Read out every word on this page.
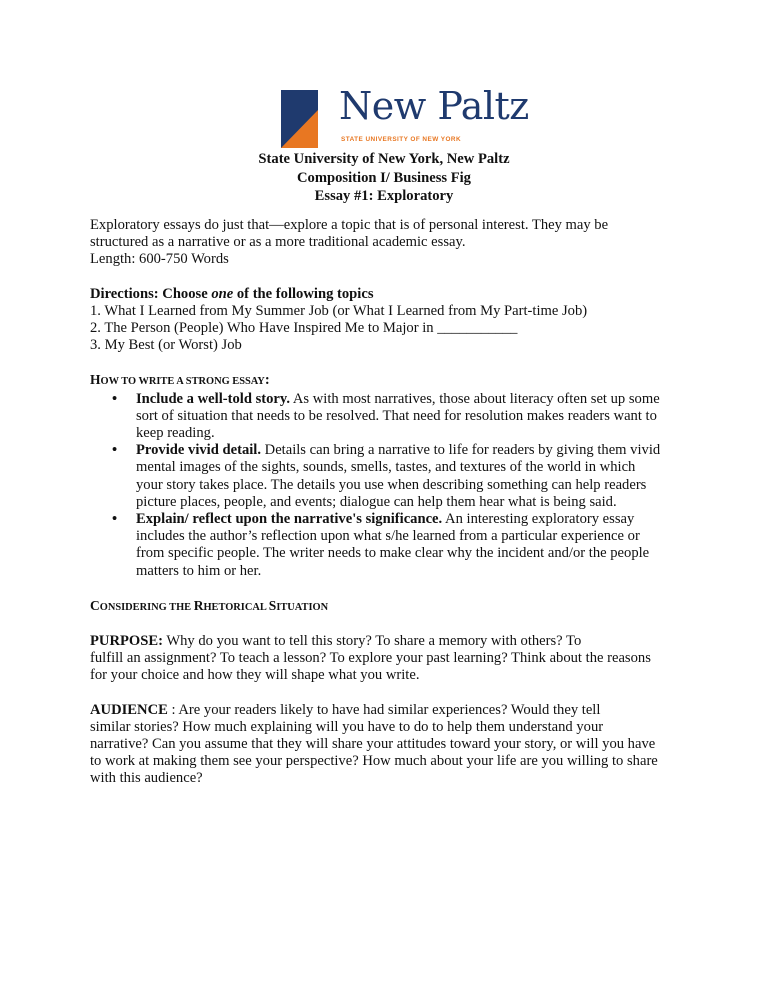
New Paltz
STATE UNIVERSITY OF NEW YORK
State University of New York, New Paltz
Composition I/ Business Fig
Essay #1: Exploratory

Exploratory essays do just that—explore a topic that is of personal interest. They may be

structured as a narrative or as a more traditional academic essay.

Length: 600-750 Words

Directions: Choose one of the following topics

1. What I Learned from My Summer Job (or What I Learned from My Part-time Job)

2. The Person (People) Who Have Inspired Me to Major in ___________

3. My Best (or Worst) Job

HOW TO WRITE A STRONG ESSAY:

• Include a well-told story. As with most narratives, those about literacy often set up some

sort of situation that needs to be resolved. That need for resolution makes readers want to

keep reading.

• Provide vivid detail. Details can bring a narrative to life for readers by giving them vivid

mental images of the sights, sounds, smells, tastes, and textures of the world in which

your story takes place. The details you use when describing something can help readers

picture places, people, and events; dialogue can help them hear what is being said.

• Explain/ reflect upon the narrative's significance. An interesting exploratory essay

includes the author’s reflection upon what s/he learned from a particular experience or

from specific people. The writer needs to make clear why the incident and/or the people

matters to him or her.

CONSIDERING THE RHETORICAL SITUATION

PURPOSE: Why do you want to tell this story? To share a memory with others? To

fulfill an assignment? To teach a lesson? To explore your past learning? Think about the reasons

for your choice and how they will shape what you write.

AUDIENCE : Are your readers likely to have had similar experiences? Would they tell

similar stories? How much explaining will you have to do to help them understand your

narrative? Can you assume that they will share your attitudes toward your story, or will you have

to work at making them see your perspective? How much about your life are you willing to share

with this audience?
